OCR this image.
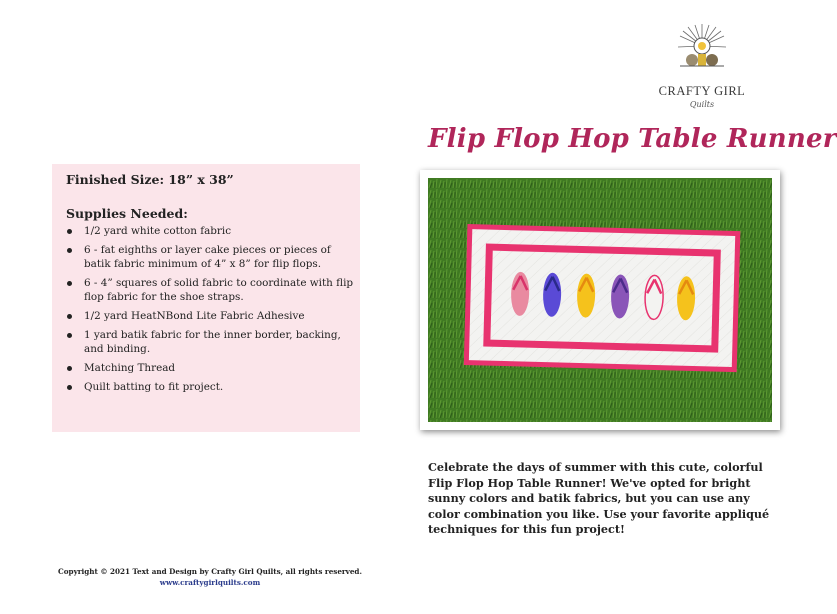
CRAFTY GIRL
Quilts
Flip Flop Hop Table Runner
Finished Size: 18” x 38”
Supplies Needed:
1/2 yard white cotton fabric
6 - fat eighths or layer cake pieces or pieces of batik fabric minimum of 4” x 8” for flip flops.
6 - 4” squares of solid fabric to coordinate with flip flop fabric for the shoe straps.
1/2 yard HeatNBond Lite Fabric Adhesive
1 yard batik fabric for the inner border, backing, and binding.
Matching Thread
Quilt batting to fit project.
Celebrate the days of summer with this cute, colorful Flip Flop Hop Table Runner! We've opted for bright sunny colors and batik fabrics, but you can use any color combination you like. Use your favorite appliqué techniques for this fun project!
Copyright © 2021 Text and Design by Crafty Girl Quilts, all rights reserved.
www.craftygirlquilts.com
